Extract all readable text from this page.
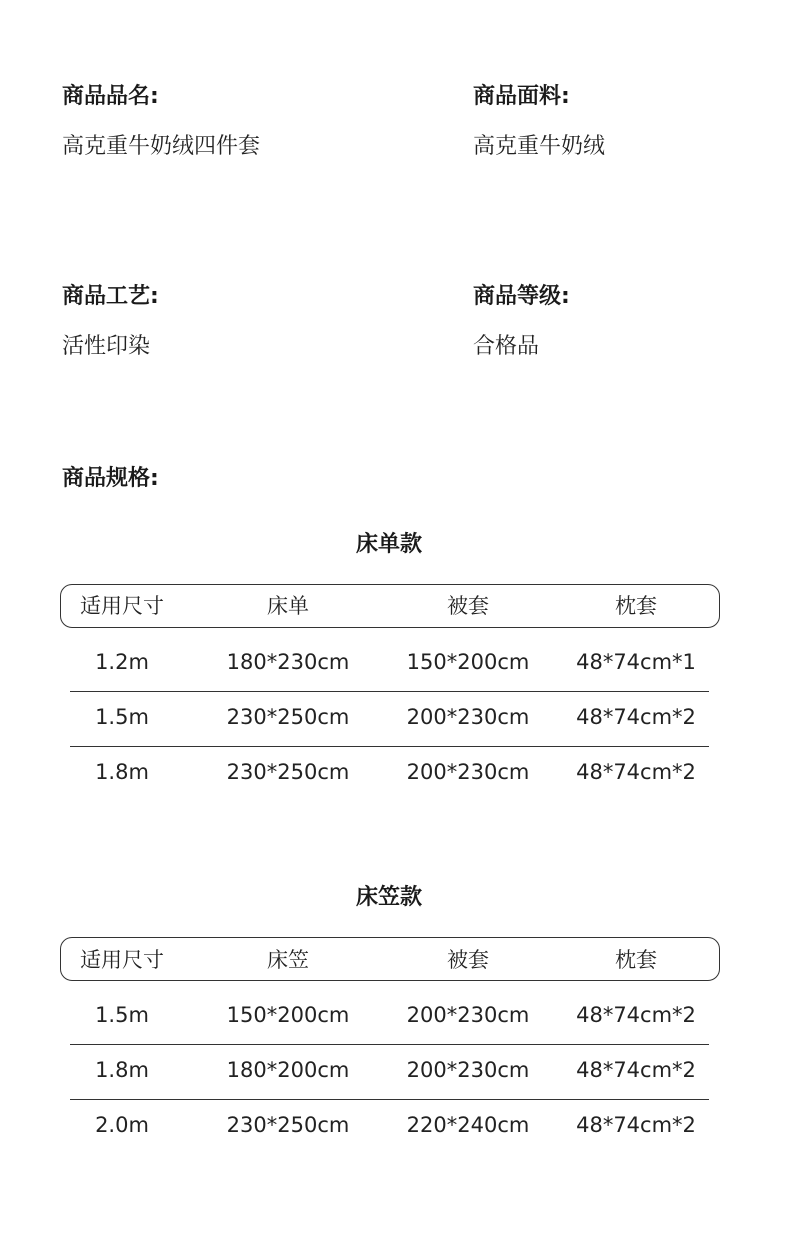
商品品名:
高克重牛奶绒四件套
商品面料:
高克重牛奶绒
商品工艺:
活性印染
商品等级:
合格品
商品规格:
床单款
适用尺寸	床单	被套	枕套
1.2m	180*230cm	150*200cm 48*74cm*1
1.5m	230*250cm	200*230cm 48*74cm*2
1.8m	230*250cm	200*230cm 48*74cm*2
床笠款
适用尺寸	床笠	被套	枕套
1.5m	150*200cm	200*230cm 48*74cm*2
1.8m	180*200cm	200*230cm 48*74cm*2
2.0m	230*250cm	220*240cm 48*74cm*2
